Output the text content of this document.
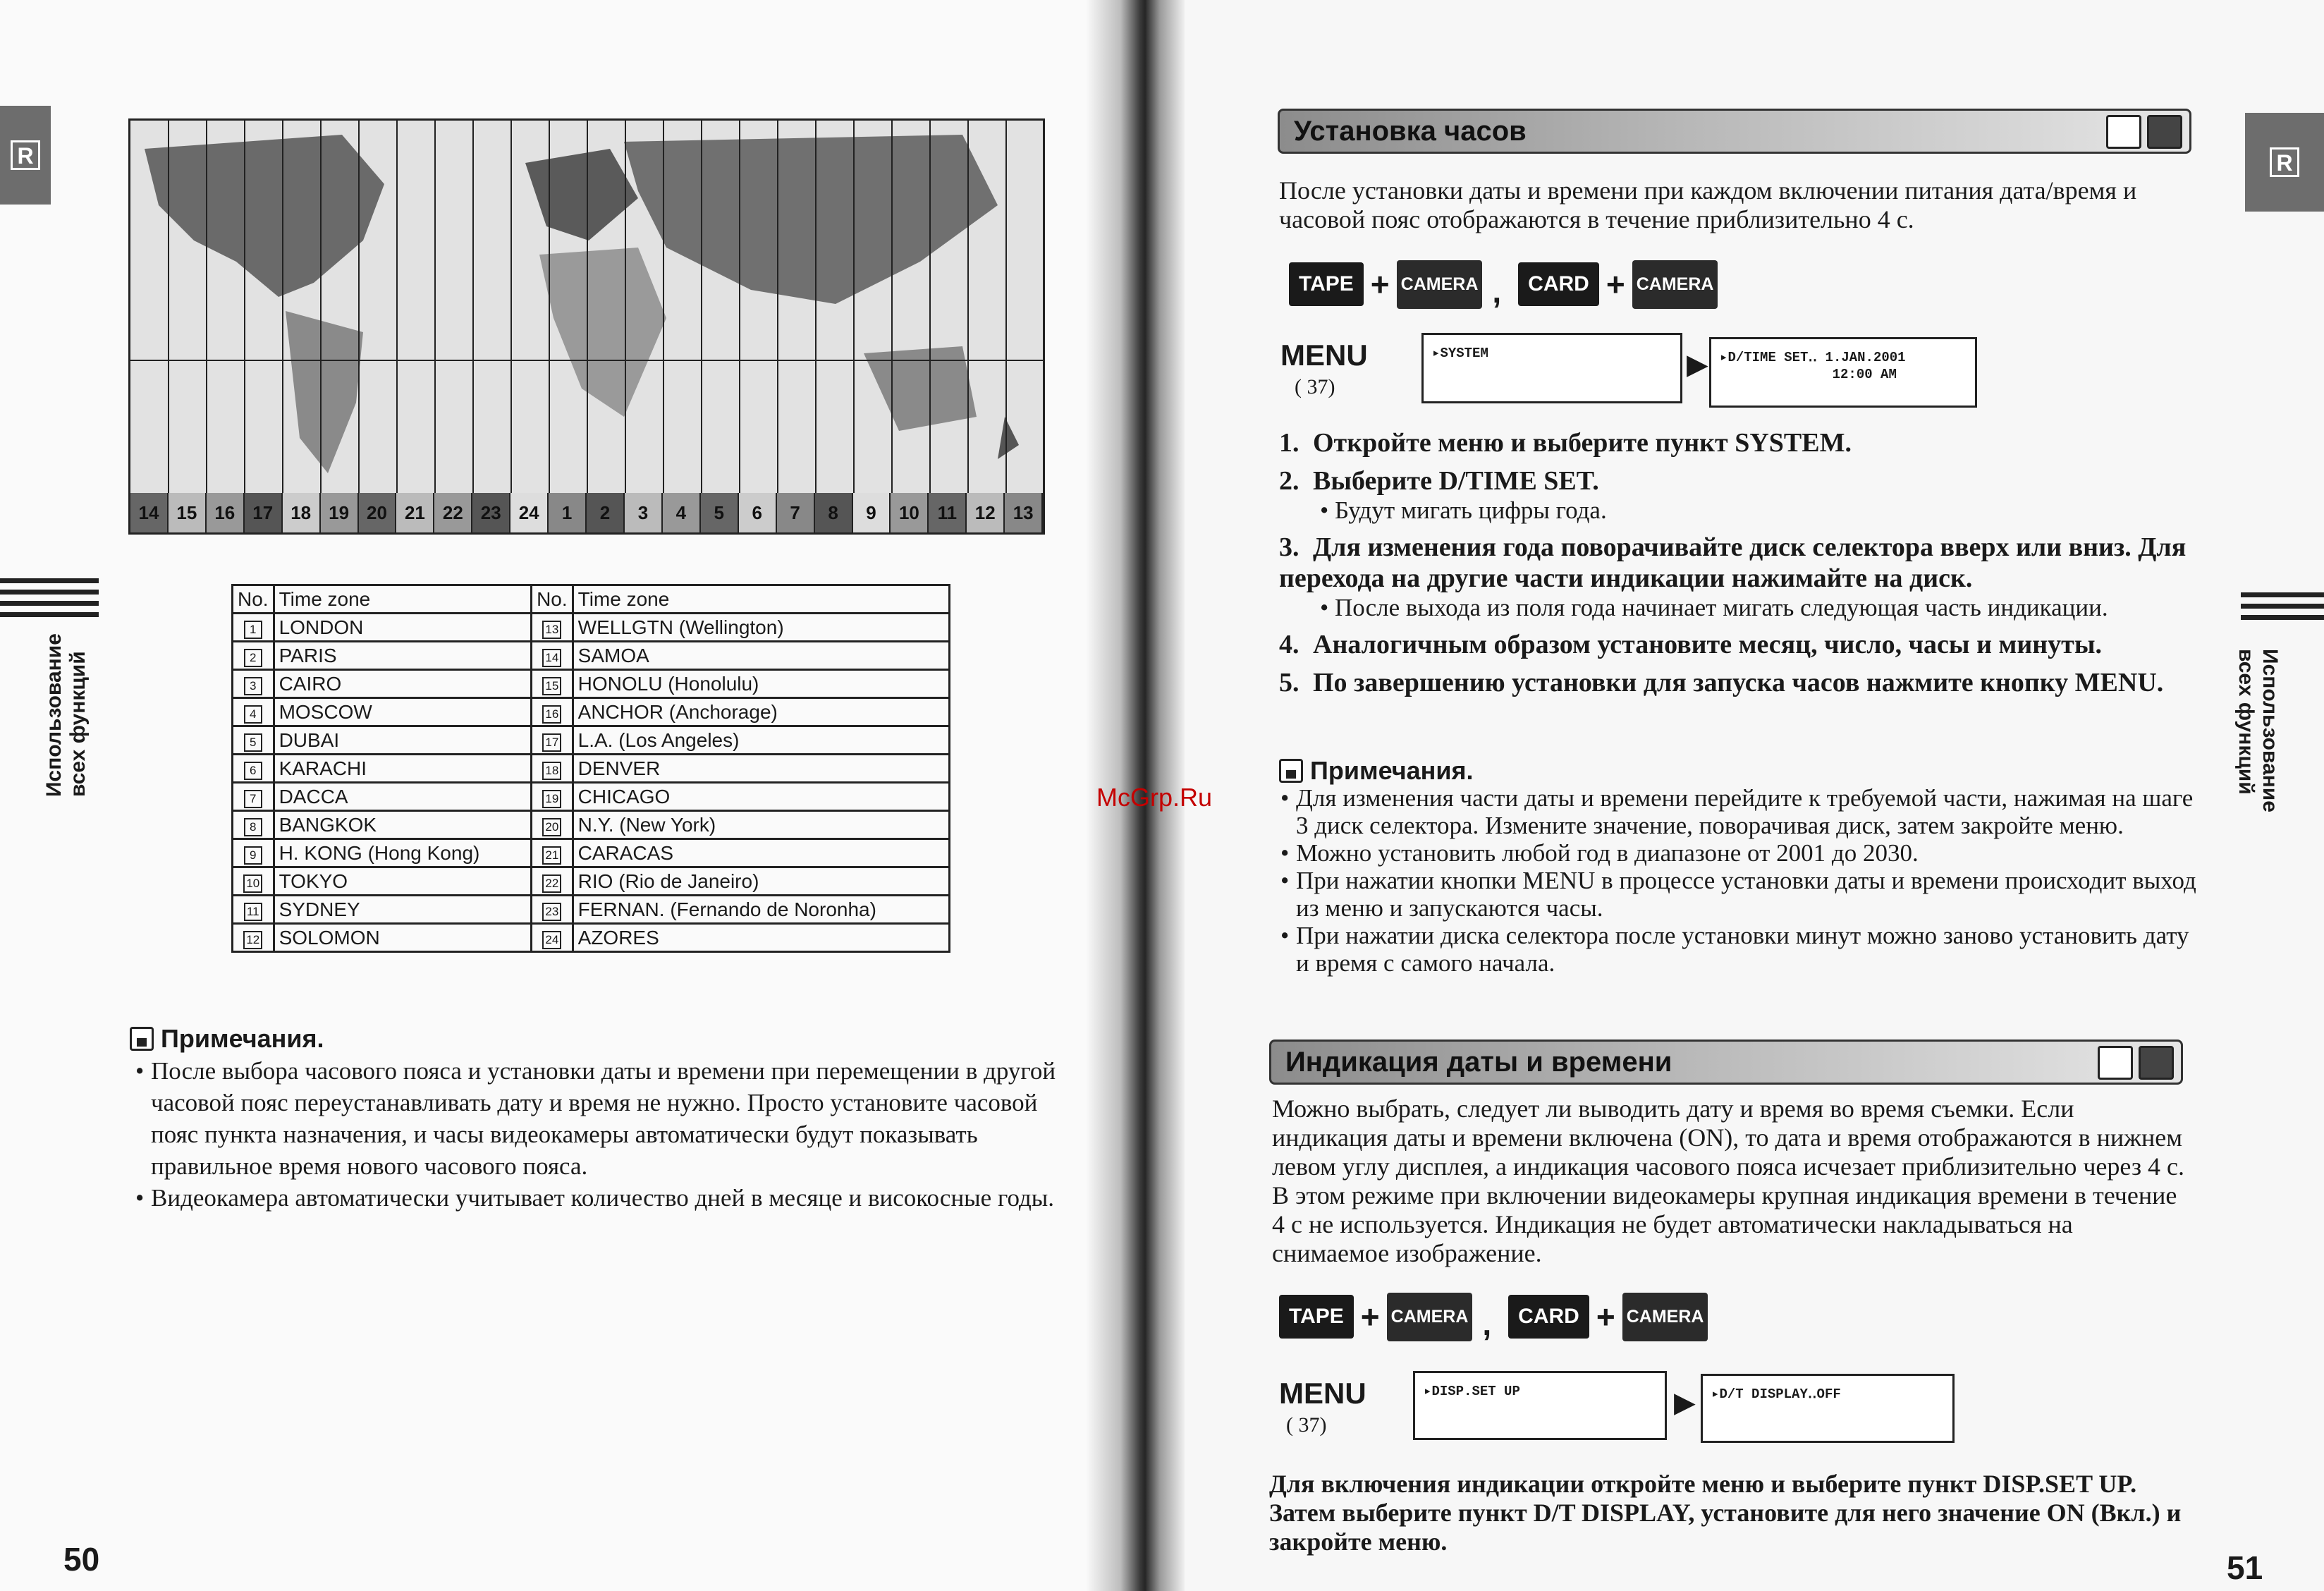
R
Использование всех функций
14 15 16 17 18 19 20 21 22 23 24	1	2	3	4	5	6	7	8	9	10 11 12 13
No.	Time zone	No.	Time zone
1	LONDON	13	WELLGTN (Wellington)
2	PARIS	14	SAMOA
3	CAIRO	15	HONOLU (Honolulu)
4	MOSCOW	16	ANCHOR (Anchorage)
5	DUBAI	17	L.A. (Los Angeles)
6	KARACHI	18	DENVER
7	DACCA	19	CHICAGO
8	BANGKOK	20	N.Y. (New York)
9	H. KONG (Hong Kong)	21	CARACAS
10	TOKYO	22	RIO (Rio de Janeiro)
11	SYDNEY	23	FERNAN. (Fernando de Noronha)
12	SOLOMON	24	AZORES
Примечания.
• После выбора часового пояса и установки даты и времени при перемещении в другой часовой пояс переустанавливать дату и время не нужно. Просто установите часовой пояс пункта назначения, и часы видеокамеры автоматически будут показывать правильное время нового часового пояса.
• Видеокамера автоматически учитывает количество дней в месяце и високосные годы.
50
R
Использование
всех функций
Установка часов
После установки даты и времени при каждом включении питания дата/время и часовой пояс отображаются в течение приблизительно 4 с.
TAPE + CAMERA ,	CARD + CAMERA
MENU
( 37)
▸SYSTEM	▶ ▸D/TIME SET‥ 1.JAN.2001
12:00 AM
1. Откройте меню и выберите пункт SYSTEM.
2. Выберите D/TIME SET.
• Будут мигать цифры года.
3. Для изменения года поворачивайте диск селектора вверх или вниз. Для перехода на другие части индикации нажимайте на диск.
• После выхода из поля года начинает мигать следующая часть индикации.
4. Аналогичным образом установите месяц, число, часы и минуты.
5. По завершению установки для запуска часов нажмите кнопку MENU.
Примечания.
• Для изменения части даты и времени перейдите к требуемой части, нажимая на шаге 3 диск селектора. Измените значение, поворачивая диск, затем закройте меню.
• Можно установить любой год в диапазоне от 2001 до 2030.
• При нажатии кнопки MENU в процессе установки даты и времени происходит выход из меню и запускаются часы.
• При нажатии диска селектора после установки минут можно заново установить дату и время с самого начала.
Индикация даты и времени
Можно выбрать, следует ли выводить дату и время во время съемки. Если индикация даты и времени включена (ON), то дата и время отображаются в нижнем левом углу дисплея, а индикация часового пояса исчезает приблизительно через 4 с. В этом режиме при включении видеокамеры крупная индикация времени в течение 4 с не используется. Индикация не будет автоматически накладываться на снимаемое изображение.
TAPE + CAMERA ,	CARD + CAMERA
MENU
( 37)
▸DISP.SET UP	▶	▸D/T DISPLAY‥OFF
Для включения индикации откройте меню и выберите пункт DISP.SET UP. Затем выберите пункт D/T DISPLAY, установите для него значение ON (Вкл.) и закройте меню.
51
McGrp.Ru
